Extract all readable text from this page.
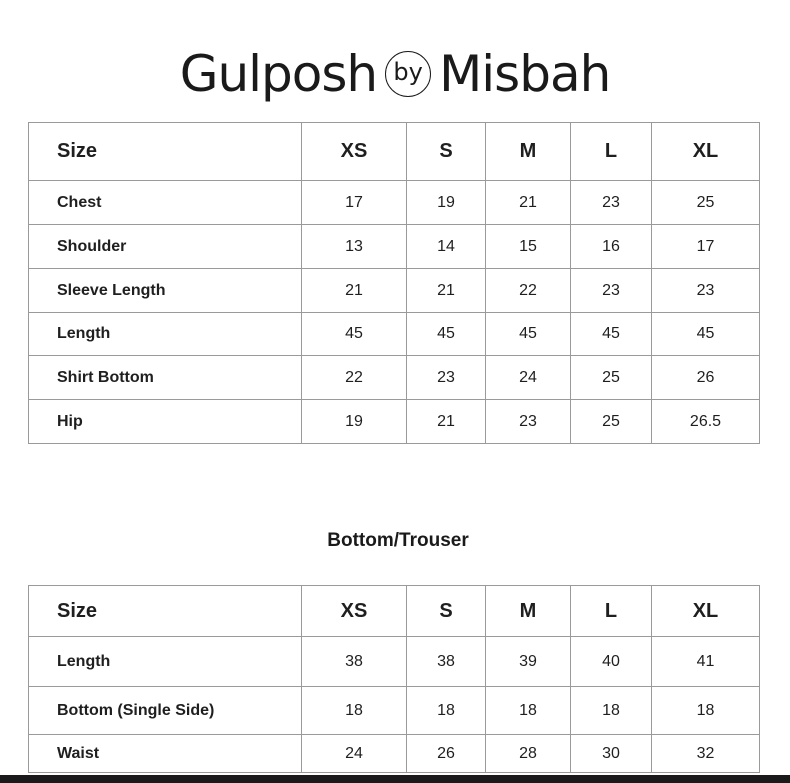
Gulposh by Misbah
Size	XS	S	M	L	XL
Chest	17	19	21	23	25
Shoulder	13	14	15	16	17
Sleeve Length	21	21	22	23	23
Length	45	45	45	45	45
Shirt Bottom	22	23	24	25	26
Hip	19	21	23	25	26.5
Bottom/Trouser
Size	XS	S	M	L	XL
Length	38	38	39	40	41
Bottom (Single Side)	18	18	18	18	18
Waist	24	26	28	30	32
